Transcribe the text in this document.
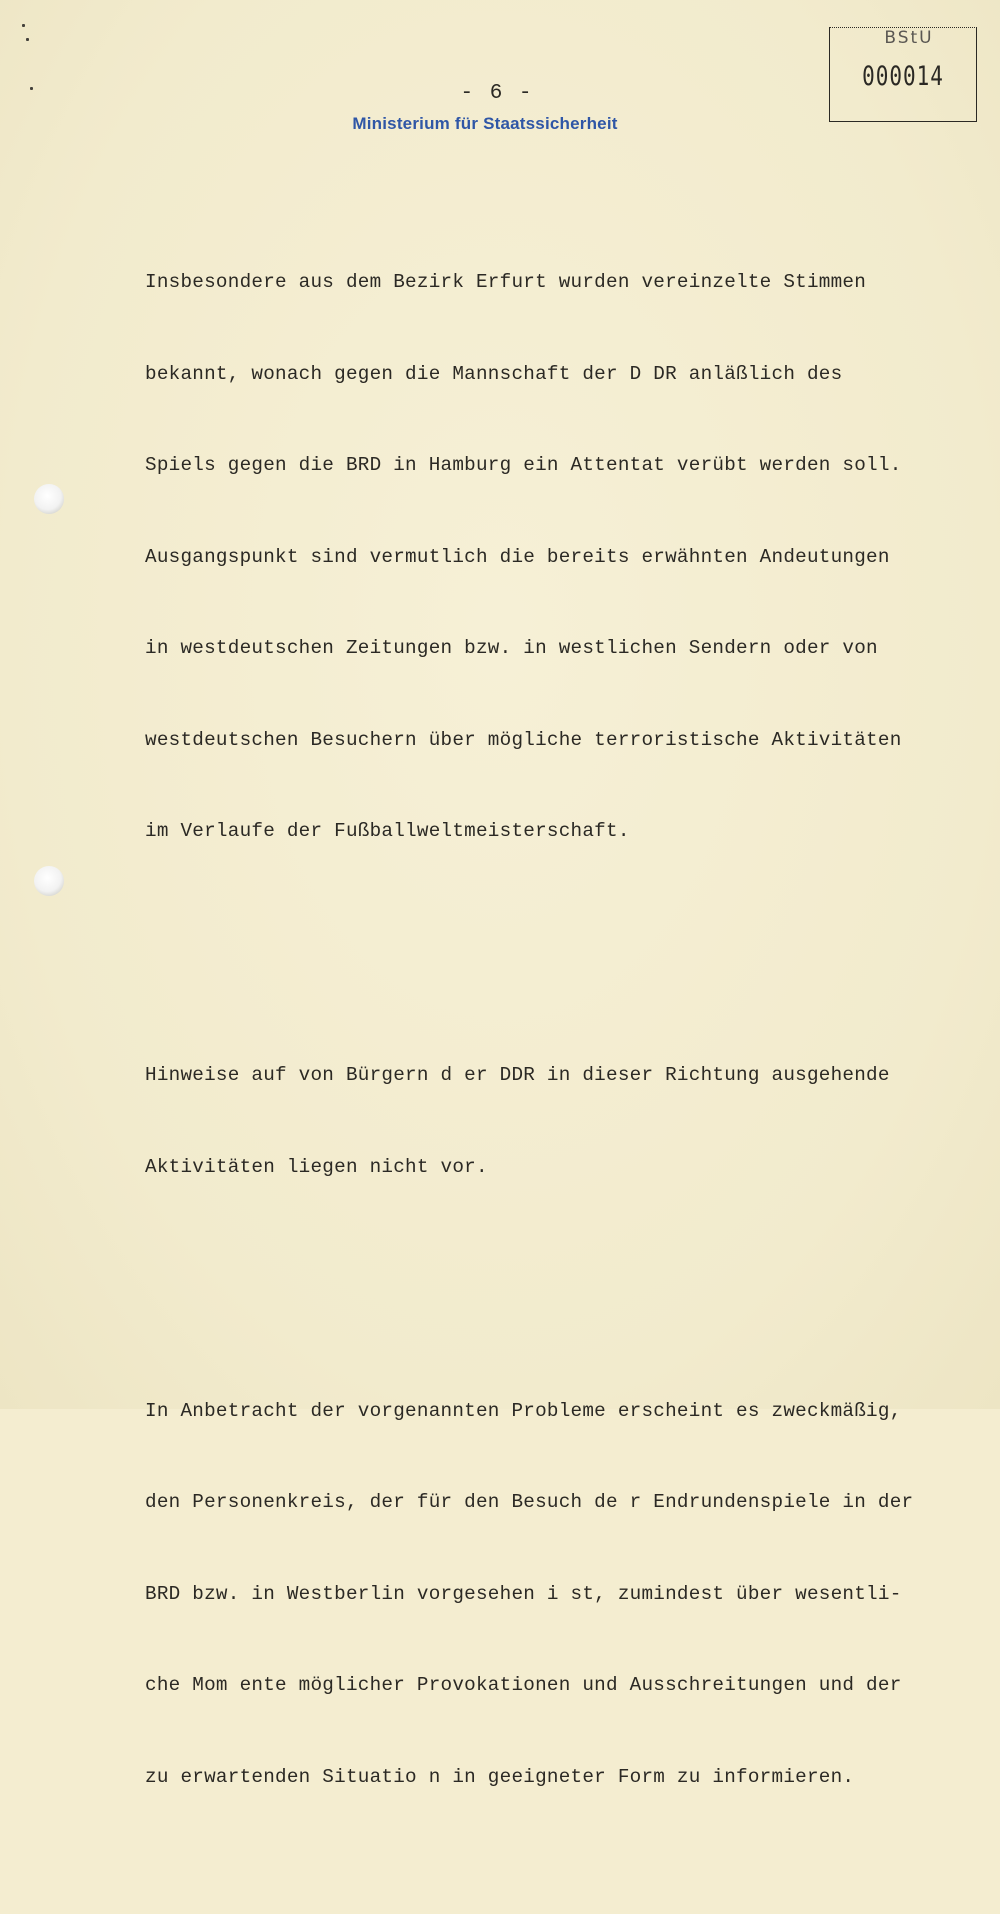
BStU
000014
- 6 -
Ministerium für Staatssicherheit

Insbesondere aus dem Bezirk Erfurt wurden vereinzelte Stimmen

bekannt, wonach gegen die Mannschaft der D DR anläßlich des

Spiels gegen die BRD in Hamburg ein Attentat verübt werden soll.

Ausgangspunkt sind vermutlich die bereits erwähnten Andeutungen

in westdeutschen Zeitungen bzw. in westlichen Sendern oder von

westdeutschen Besuchern über mögliche terroristische Aktivitäten

im Verlaufe der Fußballweltmeisterschaft.

Hinweise auf von Bürgern d er DDR in dieser Richtung ausgehende

Aktivitäten liegen nicht vor.

In Anbetracht der vorgenannten Probleme erscheint es zweckmäßig,

den Personenkreis, der für den Besuch de r Endrundenspiele in der

BRD bzw. in Westberlin vorgesehen i st, zumindest über wesentli-

che Mom ente möglicher Provokationen und Ausschreitungen und der

zu erwartenden Situatio n in geeigneter Form zu informieren.
